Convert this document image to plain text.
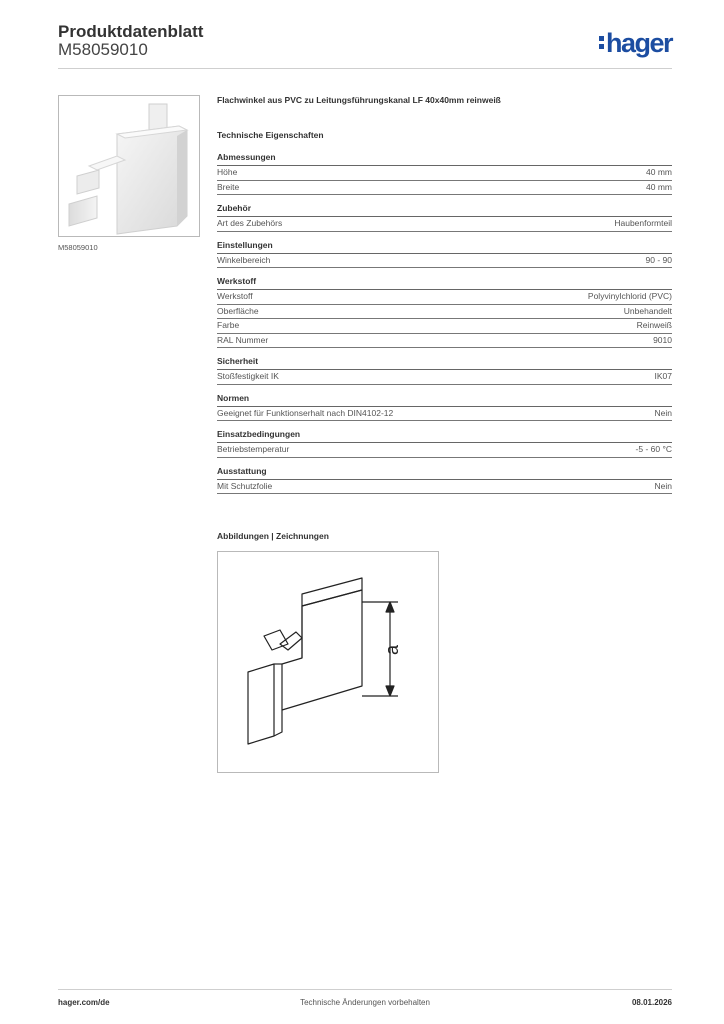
Produktdatenblatt
M58059010	hager
M58059010
Flachwinkel aus PVC zu Leitungsführungskanal LF 40x40mm reinweiß
Technische Eigenschaften
Abmessungen
Höhe	40 mm
Breite	40 mm
Zubehör
Art des Zubehörs	Haubenformteil
Einstellungen
Winkelbereich	90 - 90
Werkstoff
Werkstoff	Polyvinylchlorid (PVC)
Oberfläche	Unbehandelt
Farbe	Reinweiß
RAL Nummer	9010
Sicherheit
Stoßfestigkeit IK	IK07
Normen
Geeignet für Funktionserhalt nach DIN4102-12	Nein
Einsatzbedingungen
Betriebstemperatur	-5 - 60 °C
Ausstattung
Mit Schutzfolie	Nein
Abbildungen | Zeichnungen
a
hager.com/de	Technische Änderungen vorbehalten	08.01.2026
